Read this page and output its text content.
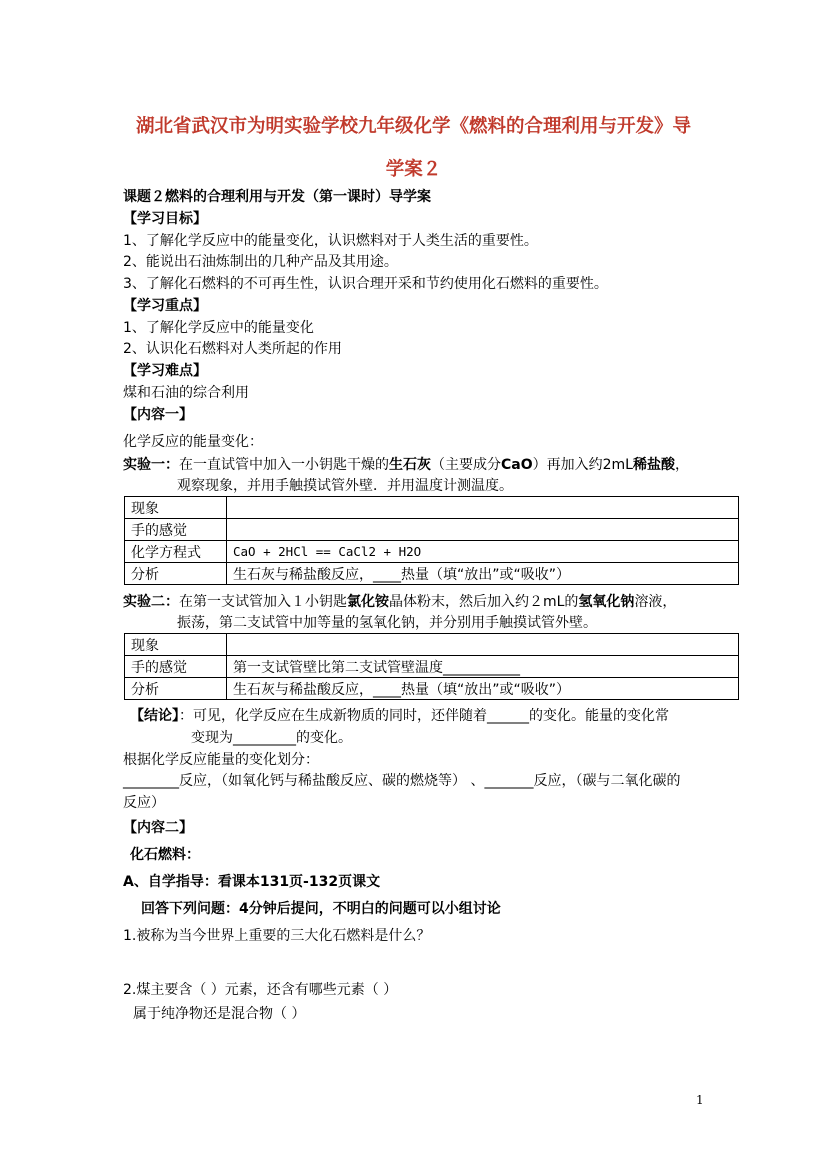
湖北省武汉市为明实验学校九年级化学《燃料的合理利用与开发》导
学案２
课题２燃料的合理利用与开发（第一课时）导学案
【学习目标】
1、了解化学反应中的能量变化，认识燃料对于人类生活的重要性。
2、能说出石油炼制出的几种产品及其用途。
3、了解化石燃料的不可再生性，认识合理开采和节约使用化石燃料的重要性。
【学习重点】
1、了解化学反应中的能量变化
2、认识化石燃料对人类所起的作用
【学习难点】
煤和石油的综合利用
【内容一】
化学反应的能量变化：
实验一：在一直试管中加入一小钥匙干燥的生石灰（主要成分CaO）再加入约2mL稀盐酸，
观察现象，并用手触摸试管外壁．并用温度计测温度。
现象	
手的感觉	
化学方程式	CaO + 2HCl == CaCl2 + H2O
分析	生石灰与稀盐酸反应，____热量（填“放出”或“吸收”）
实验二：在第一支试管加入１小钥匙氯化铵晶体粉末，然后加入约２mL的氢氧化钠溶液，
振荡，第二支试管中加等量的氢氧化钠，并分别用手触摸试管外壁。
现象	
手的感觉	第一支试管壁比第二支试管壁温度___________
分析	生石灰与稀盐酸反应，____热量（填“放出”或“吸收”）
【结论】：可见，化学反应在生成新物质的同时，还伴随着______的变化。能量的变化常
变现为_________的变化。
根据化学反应能量的变化划分：
________反应，（如氧化钙与稀盐酸反应、碳的燃烧等） 、_______反应，（碳与二氧化碳的
反应）
【内容二】
化石燃料：
A、自学指导：看课本131页-132页课文
回答下列问题：4分钟后提问，不明白的问题可以小组讨论
1.被称为当今世界上重要的三大化石燃料是什么？
2.煤主要含（ ）元素，还含有哪些元素（ ）
属于纯净物还是混合物（ ）
1
